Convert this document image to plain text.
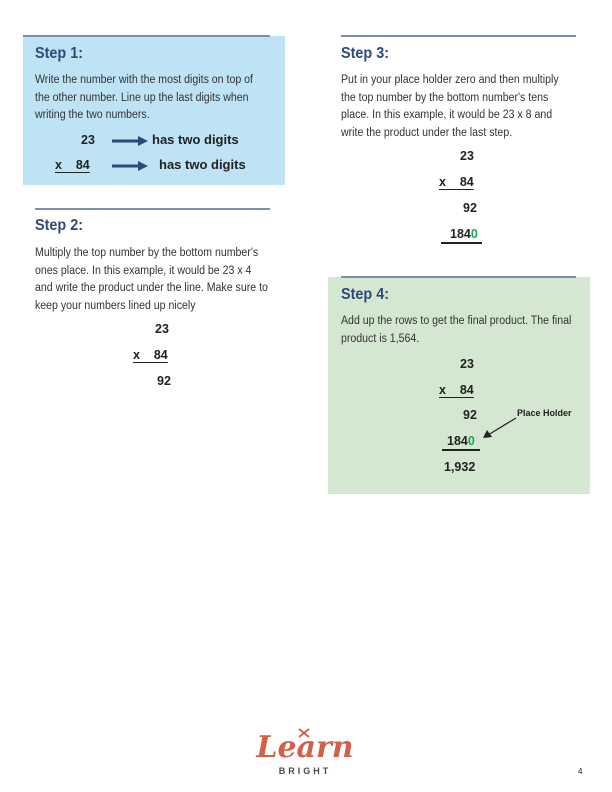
Step 1:
Write the number with the most digits on top of the other number. Line up the last digits when writing the two numbers.
23	has two digits
x    84	has two digits
Step 2:
Multiply the top number by the bottom number's ones place. In this example, it would be 23 x 4 and write the product under the line. Make sure to keep your numbers lined up nicely
23
x    84
92
Step 3:
Put in your place holder zero and then multiply the top number by the bottom number's tens place. In this example, it would be 23 x 8 and write the product under the last step.
23
x    84
92
1840
Step 4:
Add up the rows to get the final product. The final product is 1,564.
23
x    84
92
1840
1,932
Place Holder
Learn
BRIGHT	4
